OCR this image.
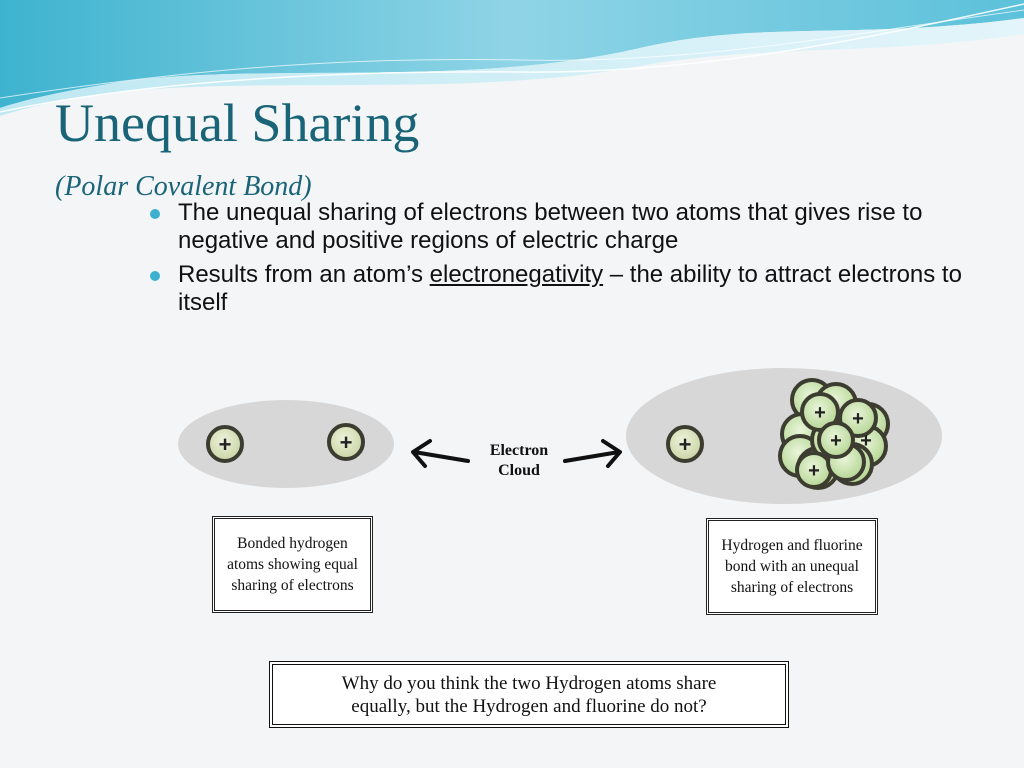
Unequal Sharing
(Polar Covalent Bond)
The unequal sharing of electrons between two atoms that gives rise to negative and positive regions of electric charge
Results from an atom’s electronegativity – the ability to attract electrons to itself
+	+	+
+ +
+ +
+
Electron
Cloud
Bonded hydrogen atoms showing equal sharing of electrons
Hydrogen and fluorine bond with an unequal sharing of electrons
Why do you think the two Hydrogen atoms share equally, but the Hydrogen and fluorine do not?
